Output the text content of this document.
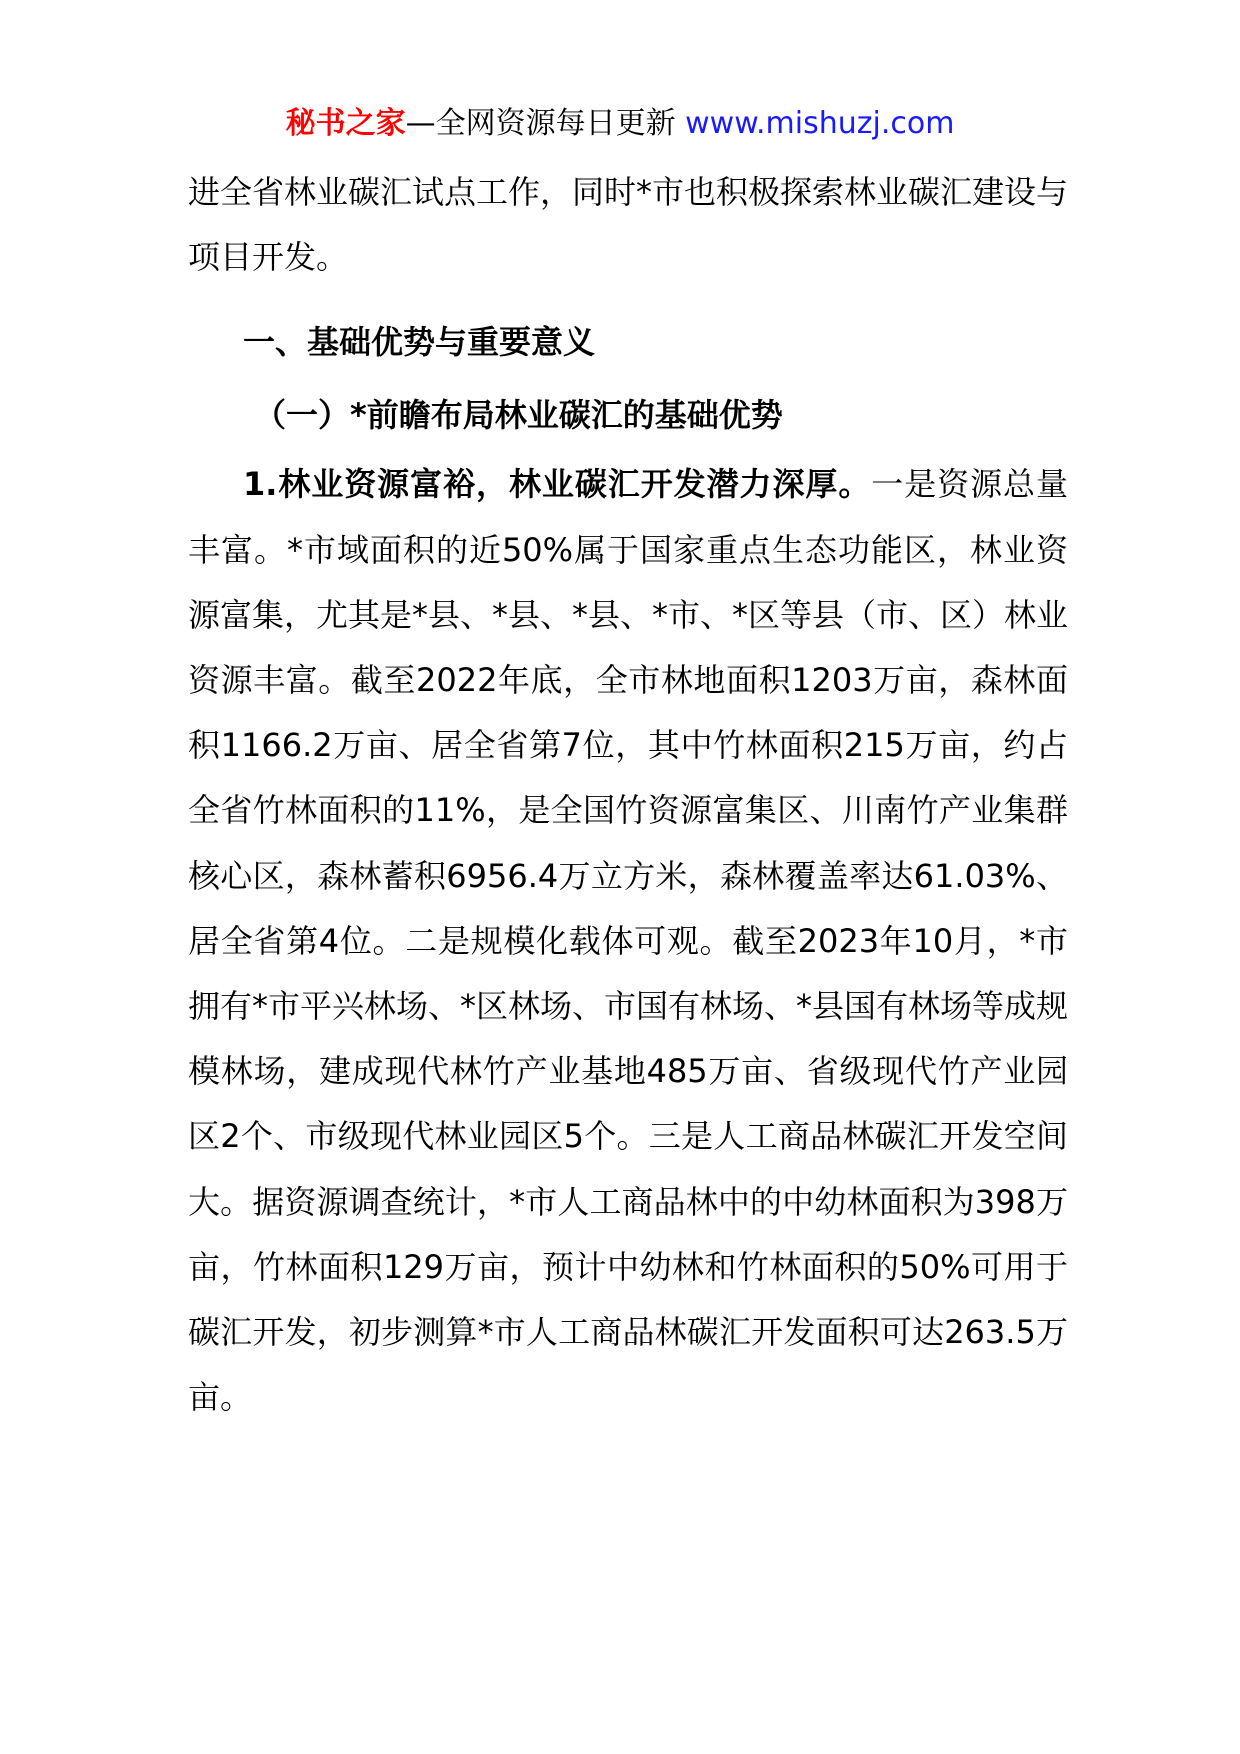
秘书之家—全网资源每日更新 www.mishuzj.com

进全省林业碳汇试点工作，同时*市也积极探索林业碳汇建设与项目开发。

一、基础优势与重要意义

（一）*前瞻布局林业碳汇的基础优势

1.林业资源富裕，林业碳汇开发潜力深厚。一是资源总量丰富。*市域面积的近50%属于国家重点生态功能区，林业资源富集，尤其是*县、*县、*县、*市、*区等县（市、区）林业资源丰富。截至2022年底，全市林地面积1203万亩，森林面积1166.2万亩、居全省第7位，其中竹林面积215万亩，约占全省竹林面积的11%，是全国竹资源富集区、川南竹产业集群核心区，森林蓄积6956.4万立方米，森林覆盖率达61.03%、居全省第4位。二是规模化载体可观。截至2023年10月，*市拥有*市平兴林场、*区林场、市国有林场、*县国有林场等成规模林场，建成现代林竹产业基地485万亩、省级现代竹产业园区2个、市级现代林业园区5个。三是人工商品林碳汇开发空间大。据资源调查统计，*市人工商品林中的中幼林面积为398万亩，竹林面积129万亩，预计中幼林和竹林面积的50%可用于碳汇开发，初步测算*市人工商品林碳汇开发面积可达263.5万亩。
